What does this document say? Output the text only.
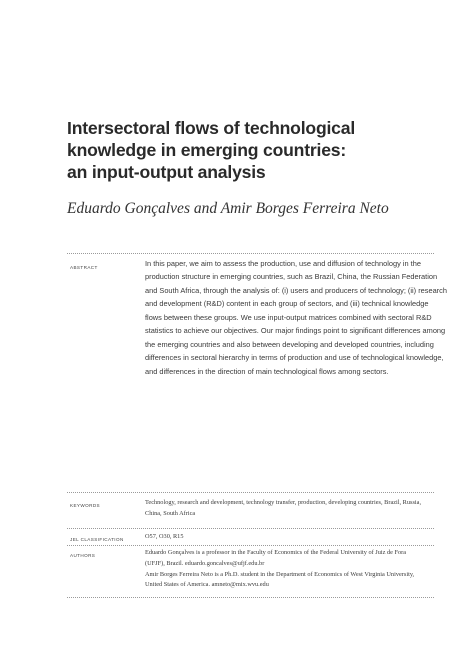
Intersectoral flows of technological
knowledge in emerging countries:
an input-output analysis
Eduardo Gonçalves and Amir Borges Ferreira Neto
ABSTRACT	In this paper, we aim to assess the production, use and diffusion of technology in the
production structure in emerging countries, such as Brazil, China, the Russian Federation
and South Africa, through the analysis of: (i) users and producers of technology; (ii) research
and development (R&D) content in each group of sectors, and (iii) technical knowledge
flows between these groups. We use input-output matrices combined with sectoral R&D
statistics to achieve our objectives. Our major findings point to significant differences among
the emerging countries and also between developing and developed countries, including
differences in sectoral hierarchy in terms of production and use of technological knowledge,
and differences in the direction of main technological flows among sectors.
KEYWORDS	Technology, research and development, technology transfer, production, developing countries, Brazil, Russia,
China, South Africa
JEL CLASSIFICATION	O57, O30, R15
AUTHORS	Eduardo Gonçalves is a professor in the Faculty of Economics of the Federal University of Juiz de Fora
(UFJF), Brazil. eduardo.goncalves@ufjf.edu.br
Amir Borges Ferreira Neto is a Ph.D. student in the Department of Economics of West Virginia University,
United States of America. amneto@mix.wvu.edu
